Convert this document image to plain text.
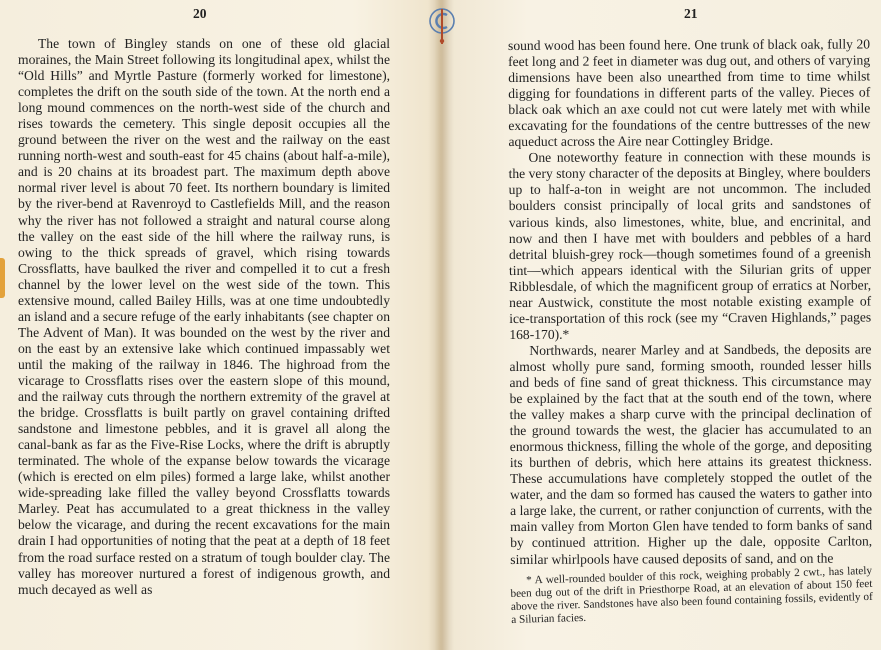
20	21

The town of Bingley stands on one of these old glacial moraines, the Main Street following its longitudinal apex, whilst the “Old Hills” and Myrtle Pasture (formerly worked for limestone), completes the drift on the south side of the town. At the north end a long mound commences on the north-west side of the church and rises towards the cemetery. This single deposit occupies all the ground between the river on the west and the railway on the east running north-west and south-east for 45 chains (about half-a-mile), and is 20 chains at its broadest part. The maximum depth above normal river level is about 70 feet. Its northern boundary is limited by the river-bend at Ravenroyd to Castlefields Mill, and the reason why the river has not followed a straight and natural course along the valley on the east side of the hill where the railway runs, is owing to the thick spreads of gravel, which rising towards Crossflatts, have baulked the river and compelled it to cut a fresh channel by the lower level on the west side of the town. This extensive mound, called Bailey Hills, was at one time undoubtedly an island and a secure refuge of the early inhabitants (see chapter on The Advent of Man). It was bounded on the west by the river and on the east by an extensive lake which continued impassably wet until the making of the railway in 1846. The highroad from the vicarage to Crossflatts rises over the eastern slope of this mound, and the railway cuts through the northern extremity of the gravel at the bridge. Crossflatts is built partly on gravel containing drifted sandstone and limestone pebbles, and it is gravel all along the canal-bank as far as the Five-Rise Locks, where the drift is abruptly terminated. The whole of the expanse below towards the vicarage (which is erected on elm piles) formed a large lake, whilst another wide-spreading lake filled the valley beyond Crossflatts towards Marley. Peat has accumulated to a great thickness in the valley below the vicarage, and during the recent excavations for the main drain I had opportunities of noting that the peat at a depth of 18 feet from the road surface rested on a stratum of tough boulder clay. The valley has moreover nurtured a forest of indigenous growth, and much decayed as well as

sound wood has been found here. One trunk of black oak, fully 20 feet long and 2 feet in diameter was dug out, and others of varying dimensions have been also unearthed from time to time whilst digging for foundations in different parts of the valley. Pieces of black oak which an axe could not cut were lately met with while excavating for the foundations of the centre buttresses of the new aqueduct across the Aire near Cottingley Bridge.

One noteworthy feature in connection with these mounds is the very stony character of the deposits at Bingley, where boulders up to half-a-ton in weight are not uncommon. The included boulders consist principally of local grits and sandstones of various kinds, also limestones, white, blue, and encrinital, and now and then I have met with boulders and pebbles of a hard detrital bluish-grey rock—though sometimes found of a greenish tint—which appears identical with the Silurian grits of upper Ribblesdale, of which the magnificent group of erratics at Norber, near Austwick, constitute the most notable existing example of ice-transportation of this rock (see my “Craven Highlands,” pages 168-170).*

Northwards, nearer Marley and at Sandbeds, the deposits are almost wholly pure sand, forming smooth, rounded lesser hills and beds of fine sand of great thickness. This circumstance may be explained by the fact that at the south end of the town, where the valley makes a sharp curve with the principal declination of the ground towards the west, the glacier has accumulated to an enormous thickness, filling the whole of the gorge, and depositing its burthen of debris, which here attains its greatest thickness. These accumulations have completely stopped the outlet of the water, and the dam so formed has caused the waters to gather into a large lake, the current, or rather conjunction of currents, with the main valley from Morton Glen have tended to form banks of sand by continued attrition. Higher up the dale, opposite Carlton, similar whirlpools have caused deposits of sand, and on the

* A well-rounded boulder of this rock, weighing probably 2 cwt., has lately been dug out of the drift in Priesthorpe Road, at an elevation of about 150 feet above the river. Sandstones have also been found containing fossils, evidently of a Silurian facies.
